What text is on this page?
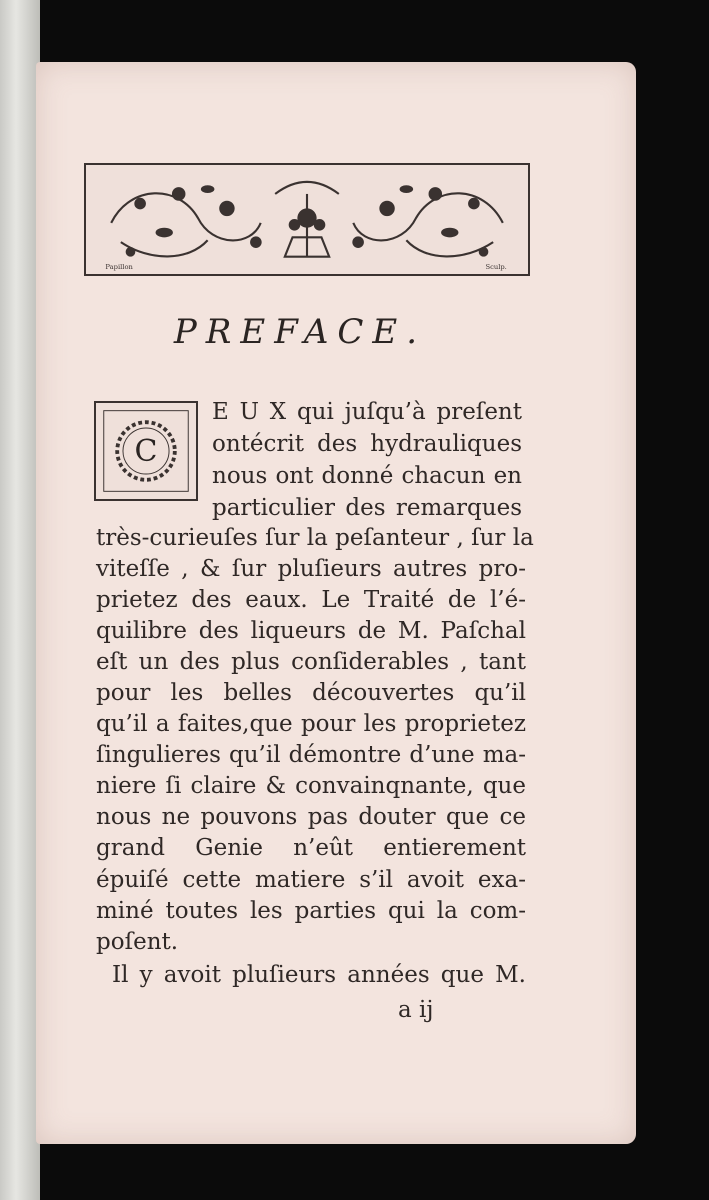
Papillon	Sculp.
PREFACE.
C
E U X qui juſqu’à preſent
ontécrit des hydrauliques
nous ont donné chacun en
particulier des remarques
très-curieuſes ſur la peſanteur , ſur la
viteſſe , & ſur pluſieurs autres pro-
prietez des eaux. Le Traité de l’é-
quilibre des liqueurs de M. Paſchal
eſt un des plus conſiderables , tant
pour les belles découvertes qu’il
qu’il a faites,que pour les proprietez
ſingulieres qu’il démontre d’une ma-
niere ſi claire & convainqnante, que
nous ne pouvons pas douter que ce
grand Genie n’eût entierement
épuiſé cette matiere s’il avoit exa-
miné toutes les parties qui la com-
poſent.
Il y avoit pluſieurs années que M.
a ij
